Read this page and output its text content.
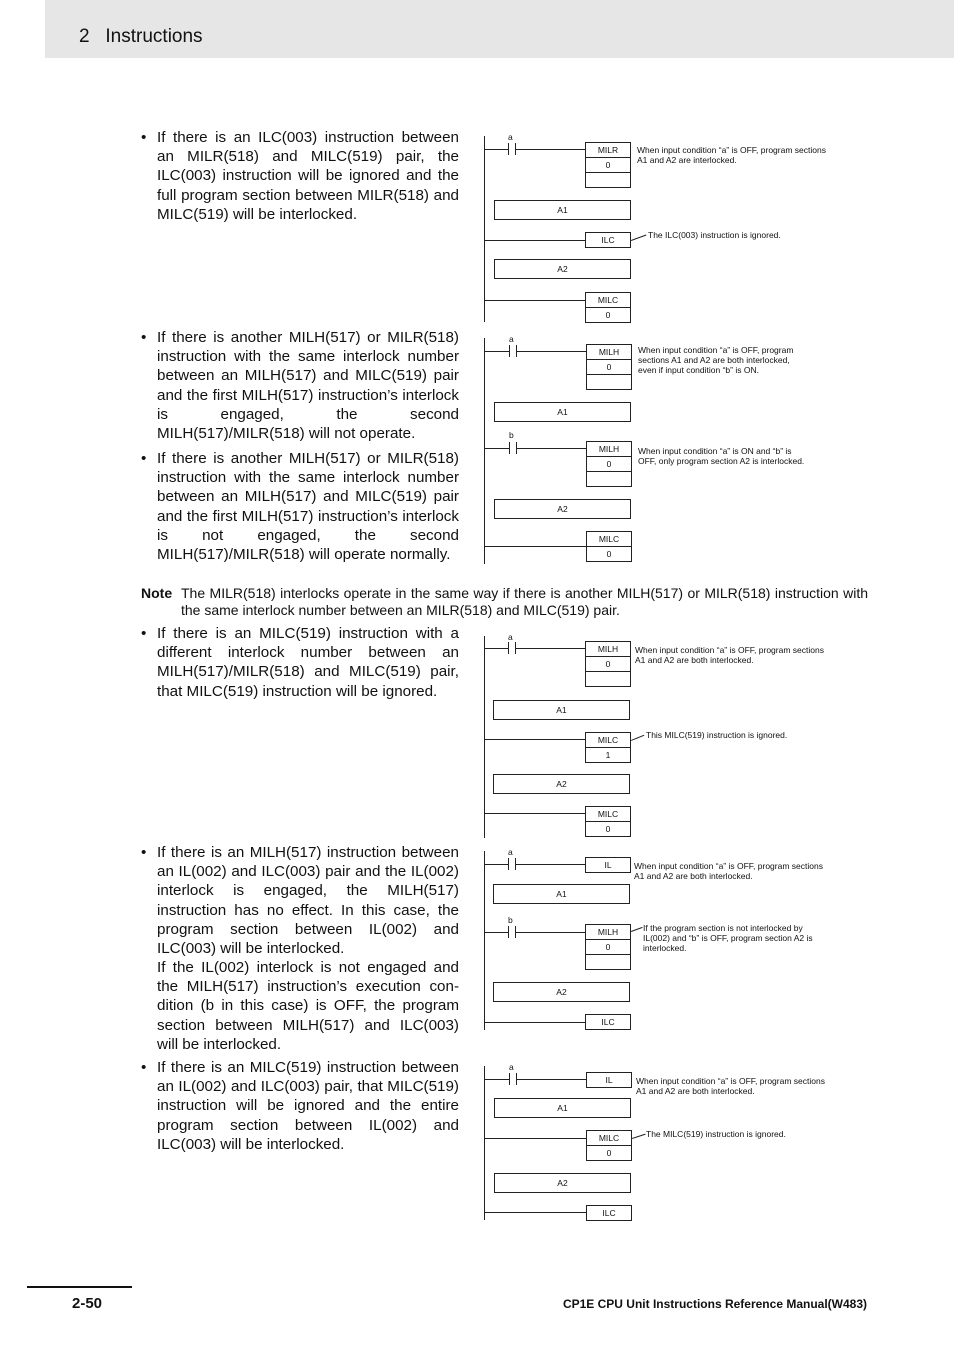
2   Instructions
• If there is an ILC(003) instruction between an MILR(518) and MILC(519) pair, the ILC(003) instruction will be ignored and the full program section between MILR(518) and MILC(519) will be interlocked.

• If there is another MILH(517) or MILR(518) instruction with the same interlock number between an MILH(517) and MILC(519) pair and the first MILH(517) instruction’s interlock is engaged, the second MILH(517)/MILR(518) will not operate.

• If there is another MILH(517) or MILR(518) instruction with the same interlock number between an MILH(517) and MILC(519) pair and the first MILH(517) instruction’s interlock is not engaged, the second MILH(517)/MILR(518) will operate normally.

Note The MILR(518) interlocks operate in the same way if there is another MILH(517) or MILR(518) instruction with the same interlock number between an MILR(518) and MILC(519) pair.

• If there is an MILC(519) instruction with a different interlock number between an MILH(517)/MILR(518) and MILC(519) pair, that MILC(519) instruction will be ignored.

• If there is an MILH(517) instruction between an IL(002) and ILC(003) pair and the IL(002) interlock is engaged, the MILH(517) instruction has no effect. In this case, the program section between IL(002) and ILC(003) will be interlocked.

If the IL(002) interlock is not engaged and the MILH(517) instruction’s execution con-dition (b in this case) is OFF, the program section between MILH(517) and ILC(003) will be interlocked.

• If there is an MILC(519) instruction between an IL(002) and ILC(003) pair, that MILC(519) instruction will be ignored and the entire program section between IL(002) and ILC(003) will be interlocked.

a
MILR
0
When input condition “a” is OFF, program sections A1 and A2 are interlocked.
A1
ILC	The ILC(003) instruction is ignored.
A2
MILC
0
a
MILH
0
When input condition “a” is OFF, program sections A1 and A2 are both interlocked, even if input condition “b” is ON.
A1
b
MILH
0
When input condition “a” is ON and “b” is OFF, only program section A2 is interlocked.
A2
MILC
0
a
MILH
0
When input condition “a” is OFF, program sections A1 and A2 are both interlocked.
A1
MILC
1
This MILC(519) instruction is ignored.
A2
MILC
0
a
IL	When input condition “a” is OFF, program sections A1 and A2 are both interlocked.
A1
b
MILH
0
If the program section is not interlocked by IL(002) and “b” is OFF, program section A2 is interlocked.
A2
ILC
a
IL	When input condition “a” is OFF, program sections A1 and A2 are both interlocked.
A1
MILC
0
The MILC(519) instruction is ignored.
A2
ILC
2-50	CP1E CPU Unit Instructions Reference Manual(W483)
